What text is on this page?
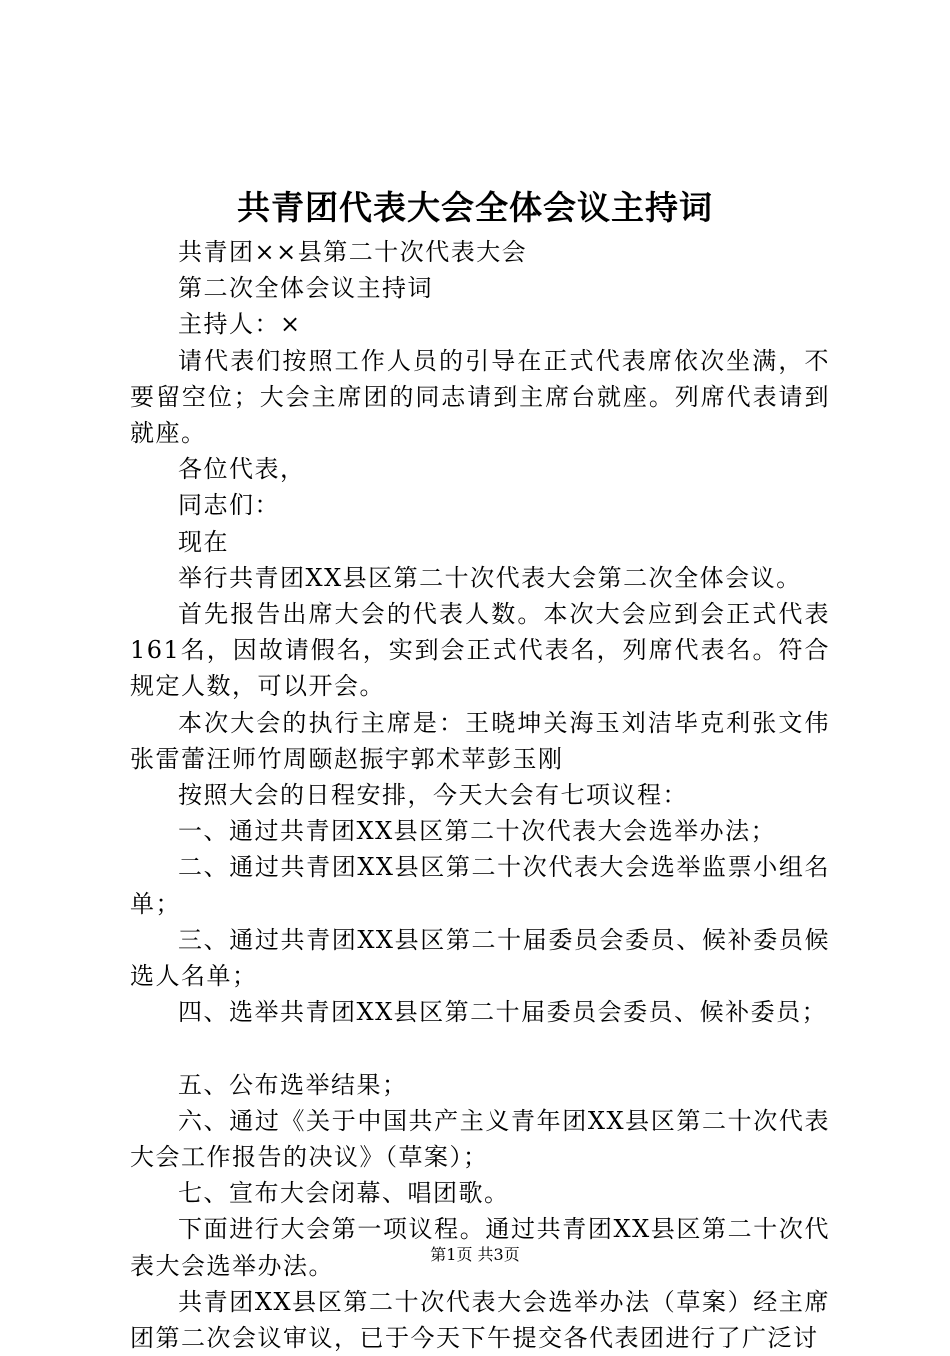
共青团代表大会全体会议主持词

共青团××县第二十次代表大会

第二次全体会议主持词

主持人：×

请代表们按照工作人员的引导在正式代表席依次坐满，不要留空位；大会主席团的同志请到主席台就座。列席代表请到就座。

各位代表，

同志们：

现在

举行共青团XX县区第二十次代表大会第二次全体会议。

首先报告出席大会的代表人数。本次大会应到会正式代表161名，因故请假名，实到会正式代表名，列席代表名。符合规定人数，可以开会。

本次大会的执行主席是：王晓坤关海玉刘洁毕克利张文伟张雷蕾汪师竹周颐赵振宇郭术苹彭玉刚

按照大会的日程安排，今天大会有七项议程：

一、通过共青团XX县区第二十次代表大会选举办法；

二、通过共青团XX县区第二十次代表大会选举监票小组名单；

三、通过共青团XX县区第二十届委员会委员、候补委员候选人名单；

四、选举共青团XX县区第二十届委员会委员、候补委员；

五、公布选举结果；

六、通过《关于中国共产主义青年团XX县区第二十次代表大会工作报告的决议》（草案）；

七、宣布大会闭幕、唱团歌。

下面进行大会第一项议程。通过共青团XX县区第二十次代表大会选举办法。

共青团XX县区第二十次代表大会选举办法（草案）经主席团第二次会议审议，已于今天下午提交各代表团进行了广泛讨

第1页 共3页
